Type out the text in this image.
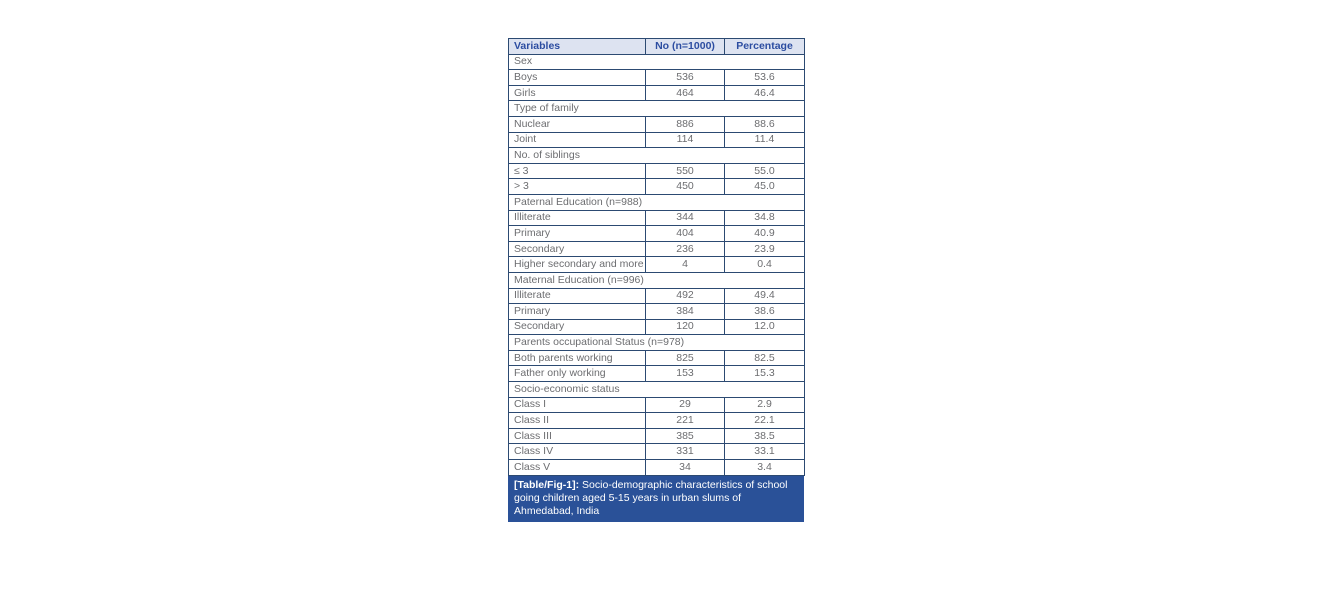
Variables	No (n=1000)	Percentage
Sex		
Boys	536	53.6
Girls	464	46.4
Type of family		
Nuclear	886	88.6
Joint	114	11.4
No. of siblings		
≤ 3	550	55.0
> 3	450	45.0
Paternal Education (n=988)		
Illiterate	344	34.8
Primary	404	40.9
Secondary	236	23.9
Higher secondary and more	4	0.4
Maternal Education (n=996)		
Illiterate	492	49.4
Primary	384	38.6
Secondary	120	12.0
Parents occupational Status (n=978)		
Both parents working	825	82.5
Father only working	153	15.3
Socio-economic status		
Class I	29	2.9
Class II	221	22.1
Class III	385	38.5
Class IV	331	33.1
Class V	34	3.4
[Table/Fig-1]: Socio-demographic characteristics of school going children aged 5-15 years in urban slums of Ahmedabad, India
